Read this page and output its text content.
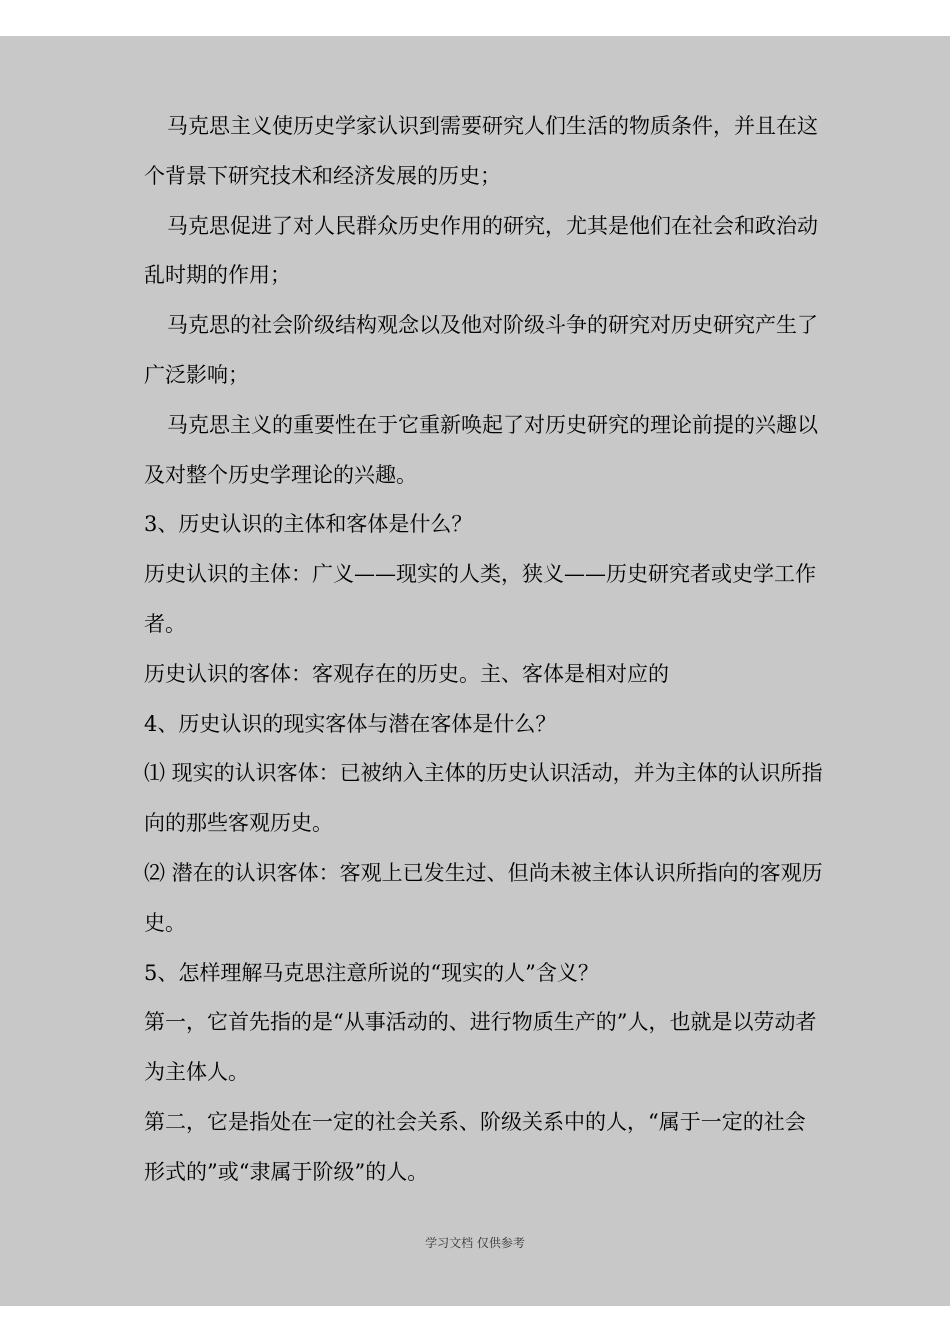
马克思主义使历史学家认识到需要研究人们生活的物质条件，并且在这个背景下研究技术和经济发展的历史；

马克思促进了对人民群众历史作用的研究，尤其是他们在社会和政治动乱时期的作用；

马克思的社会阶级结构观念以及他对阶级斗争的研究对历史研究产生了广泛影响；

马克思主义的重要性在于它重新唤起了对历史研究的理论前提的兴趣以及对整个历史学理论的兴趣。

3、历史认识的主体和客体是什么？

历史认识的主体：广义——现实的人类，狭义——历史研究者或史学工作者。

历史认识的客体：客观存在的历史。主、客体是相对应的

4、历史认识的现实客体与潜在客体是什么？

⑴ 现实的认识客体：已被纳入主体的历史认识活动，并为主体的认识所指向的那些客观历史。

⑵ 潜在的认识客体：客观上已发生过、但尚未被主体认识所指向的客观历史。

5、怎样理解马克思注意所说的“现实的人”含义？

第一，它首先指的是“从事活动的、进行物质生产的”人，也就是以劳动者为主体人。

第二，它是指处在一定的社会关系、阶级关系中的人，“属于一定的社会形式的”或“隶属于阶级”的人。

学习文档 仅供参考
